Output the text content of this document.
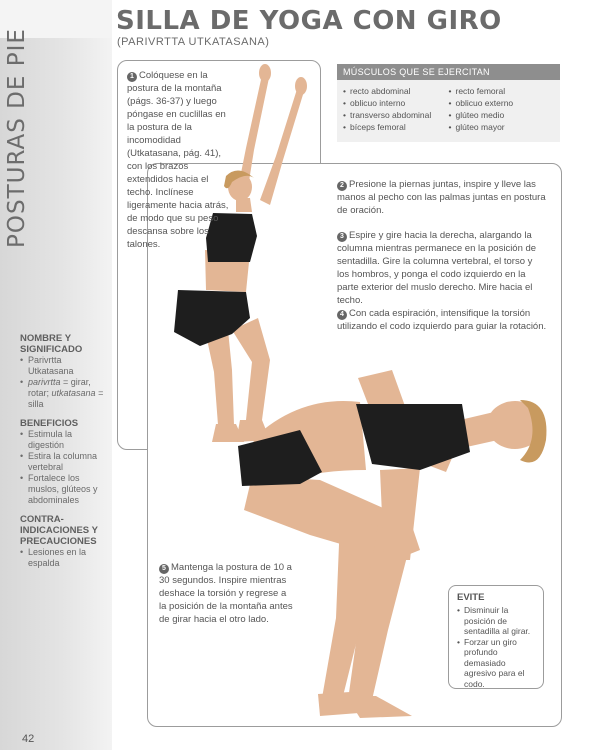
POSTURAS DE PIE
NOMBRE Y SIGNIFICADO
• Parivrtta Utkatasana
• parivrtta = girar, rotar; utkatasana = silla
BENEFICIOS
• Estimula la digestión
• Estira la columna vertebral
• Fortalece los muslos, glúteos y abdominales
CONTRA-INDICACIONES Y PRECAUCIONES
• Lesiones en la espalda
42
SILLA DE YOGA CON GIRO
(PARIVRTTA UTKATASANA)
MÚSCULOS QUE SE EJERCITAN
• recto abdominal	• recto femoral
• oblicuo interno	• oblicuo externo
• transverso abdominal	• glúteo medio
• bíceps femoral	• glúteo mayor
1 Colóquese en la postura de la montaña (págs. 36-37) y luego póngase en cuclillas en la postura de la incomodidad (Utkatasana, pág. 41), con los brazos extendidos hacia el techo. Inclínese ligeramente hacia atrás, de modo que su peso descansa sobre los talones.
2 Presione la piernas juntas, inspire y lleve las manos al pecho con las palmas juntas en postura de oración.
3 Espire y gire hacia la derecha, alargando la columna mientras permanece en la posición de sentadilla. Gire la columna vertebral, el torso y los hombros, y ponga el codo izquierdo en la parte exterior del muslo derecho. Mire hacia el techo.
4 Con cada espiración, intensifique la torsión utilizando el codo izquierdo para guiar la rotación.
5 Mantenga la postura de 10 a 30 segundos. Inspire mientras deshace la torsión y regrese a la posición de la montaña antes de girar hacia el otro lado.
EVITE
• Disminuir la posición de sentadilla al girar.
• Forzar un giro profundo demasiado agresivo para el codo.
